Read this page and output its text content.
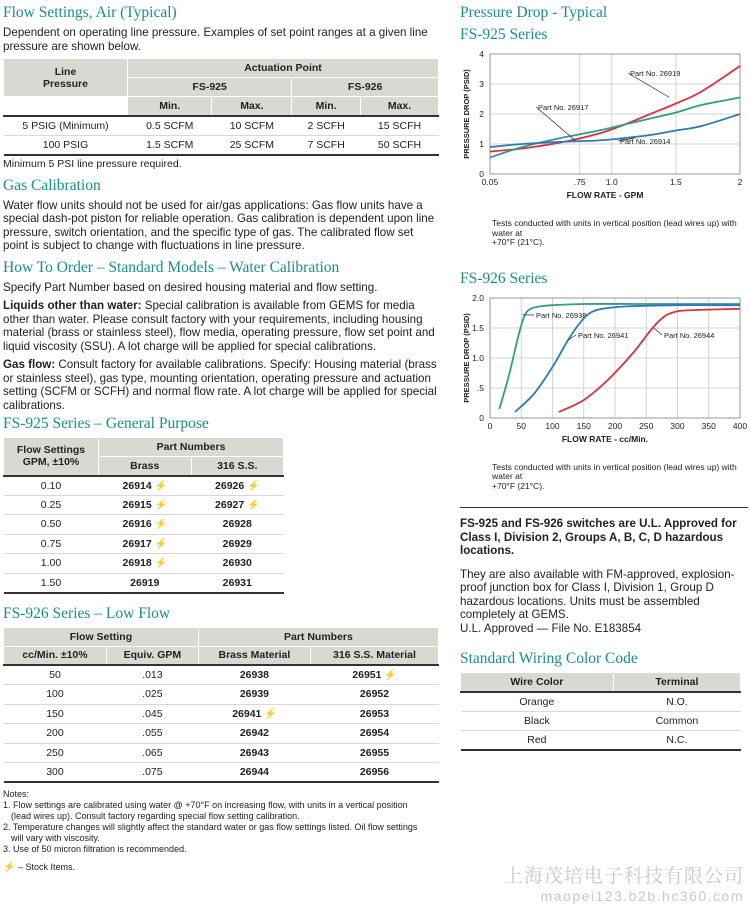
Flow Settings, Air (Typical)

Dependent on operating line pressure. Examples of set point ranges at a given line pressure are shown below.

Line
Pressure	Actuation Point			
	FS-925		FS-926	
	Min.	Max.	Min.	Max.
5 PSIG (Minimum)	0.5 SCFM	10 SCFM	2 SCFH	15 SCFH
100 PSIG	1.5 SCFM	25 SCFM	7 SCFH	50 SCFH

Minimum 5 PSI line pressure required.

Gas Calibration

Water flow units should not be used for air/gas applications: Gas flow units have a special dash-pot piston for reliable operation. Gas calibration is dependent upon line pressure, switch orientation, and the specific type of gas. The calibrated flow set point is subject to change with fluctuations in line pressure.

How To Order – Standard Models – Water Calibration

Specify Part Number based on desired housing material and flow setting.

Liquids other than water: Special calibration is available from GEMS for media other than water. Please consult factory with your requirements, including housing material (brass or stainless steel), flow media, operating pressure, flow set point and liquid viscosity (SSU). A lot charge will be applied for special calibrations.

Gas flow: Consult factory for available calibrations. Specify: Housing material (brass or stainless steel), gas type, mounting orientation, operating pressure and actuation setting (SCFM or SCFH) and normal flow rate. A lot charge will be applied for special calibrations.

FS-925 Series – General Purpose
Flow Settings
GPM, ±10%	Part Numbers	
	Brass	316 S.S.
0.10	26914 ⚡	26926 ⚡
0.25	26915 ⚡	26927 ⚡
0.50	26916 ⚡	26928
0.75	26917 ⚡	26929
1.00	26918 ⚡	26930
1.50	26919	26931
FS-926 Series – Low Flow
Flow Setting		Part Numbers	
cc/Min. ±10%	Equiv. GPM	Brass Material	316 S.S. Material
50	.013	26938	26951 ⚡
100	.025	26939	26952
150	.045	26941 ⚡	26953
200	.055	26942	26954
250	.065	26943	26955
300	.075	26944	26956
Notes:
1. Flow settings are calibrated using water @ +70°F on increasing flow, with units in a vertical position
(lead wires up). Consult factory regarding special flow setting calibration.
2. Temperature changes will slightly affect the standard water or gas flow settings listed. Oil flow settings
will vary with viscosity.
3. Use of 50 micron filtration is recommended.
⚡ – Stock Items.
Pressure Drop - Typical
FS-925 Series
0.05	.75 1.0	1.5	2
0
1
2
3
4
FLOW RATE - GPM
PRESSURE DROP (PSID)	Part No. 26919
Part No. 26917
Part No. 26914
Tests conducted with units in vertical position (lead wires up) with water at
+70°F (21°C).
FS-926 Series
0	50 100 150 200 250 300 350 400
0
.5
1.0
1.5
2.0
FLOW RATE - cc/Min.
PRESSURE DROP (PSID)	Part No. 26938
Part No. 26941	Part No. 26944
Tests conducted with units in vertical position (lead wires up) with water at
+70°F (21°C).

FS-925 and FS-926 switches are U.L. Approved for Class I, Division 2, Groups A, B, C, D hazardous locations.

They are also available with FM-approved, explosion-proof junction box for Class I, Division 1, Group D hazardous locations. Units must be assembled completely at GEMS.

U.L. Approved — File No. E183854

Standard Wiring Color Code
Wire Color	Terminal
Orange	N.O.
Black	Common
Red	N.C.
上海茂培电子科技有限公司
maopei123.b2b.hc360.com
